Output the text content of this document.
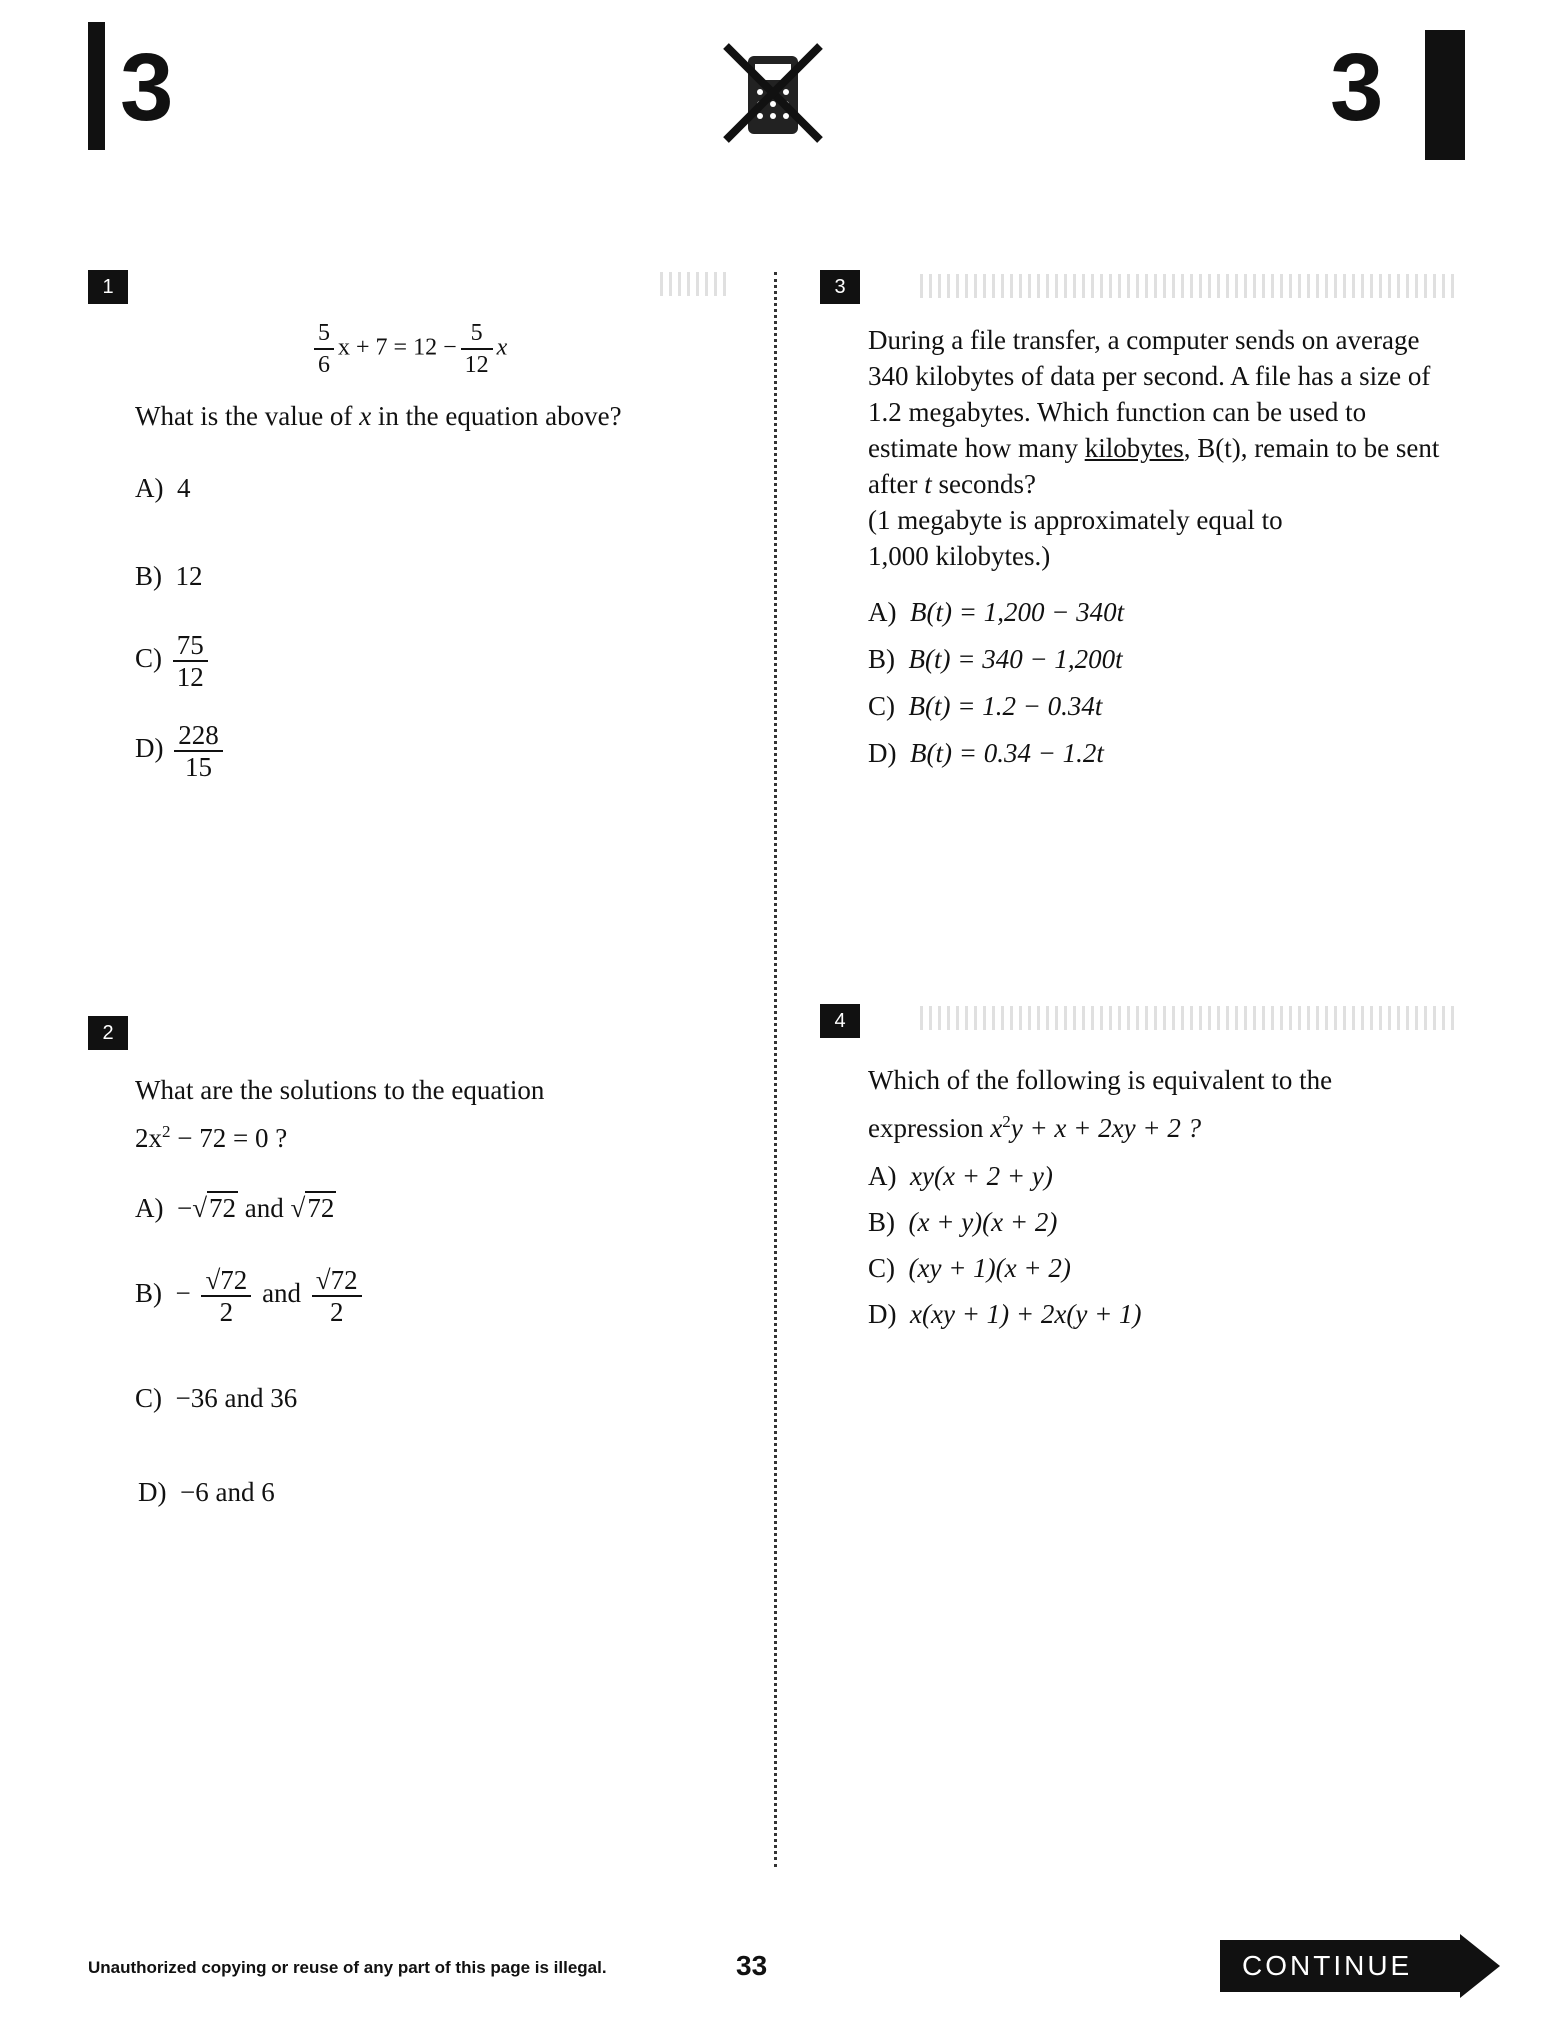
3	3
1
$\frac{5}{6}$ $x + 7 = 12 - \frac{5}{12}$ x
What is the value of x in the equation above?
A) 4
B) 12
$C) \frac{75}{12}$
$D) \frac{228}{15}$
2
What are the solutions to the equation
$2x^2 - 72 = 0$ ?
A) −√72 and √72
$B) - \frac{√72}{2}$ and $\frac{√72}{2}$
C) −36 and 36
D) −6 and 6
3
During a file transfer, a computer sends on average
340 kilobytes of data per second. A file has a size of
1.2 megabytes. Which function can be used to
estimate how many kilobytes, B(t), remain to be sent
after t seconds?
(1 megabyte is approximately equal to
1,000 kilobytes.)
A) B(t) = 1,200 − 340t
B) B(t) = 340 − 1,200t
C) B(t) = 1.2 − 0.34t
D) B(t) = 0.34 − 1.2t
4
Which of the following is equivalent to the
expression $x^2y + x + 2xy + 2$ ?
A) xy(x + 2 + y)
B) (x + y)(x + 2)
C) (xy + 1)(x + 2)
D) x(xy + 1) + 2x(y + 1)
Unauthorized copying or reuse of any part of this page is illegal.	33	CONTINUE
